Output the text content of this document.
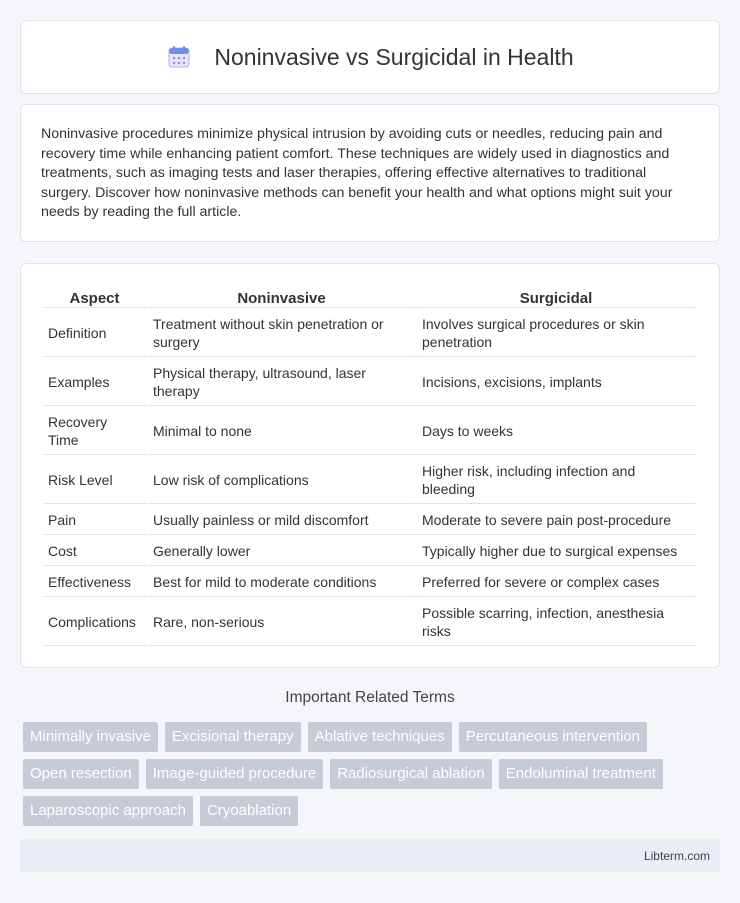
Noninvasive vs Surgicidal in Health

Noninvasive procedures minimize physical intrusion by avoiding cuts or needles, reducing pain and recovery time while enhancing patient comfort. These techniques are widely used in diagnostics and treatments, such as imaging tests and laser therapies, offering effective alternatives to traditional surgery. Discover how noninvasive methods can benefit your health and what options might suit your needs by reading the full article.

Aspect	Noninvasive	Surgicidal
Definition	Treatment without skin penetration or surgery	Involves surgical procedures or skin penetration
Examples	Physical therapy, ultrasound, laser therapy	Incisions, excisions, implants
Recovery Time	Minimal to none	Days to weeks
Risk Level	Low risk of complications	Higher risk, including infection and bleeding
Pain	Usually painless or mild discomfort	Moderate to severe pain post-procedure
Cost	Generally lower	Typically higher due to surgical expenses
Effectiveness	Best for mild to moderate conditions	Preferred for severe or complex cases
Complications	Rare, non-serious	Possible scarring, infection, anesthesia risks
Important Related Terms
Minimally invasive	Excisional therapy	Ablative techniques	Percutaneous intervention
Open resection	Image-guided procedure	Radiosurgical ablation	Endoluminal treatment
Laparoscopic approach	Cryoablation
Libterm.com
